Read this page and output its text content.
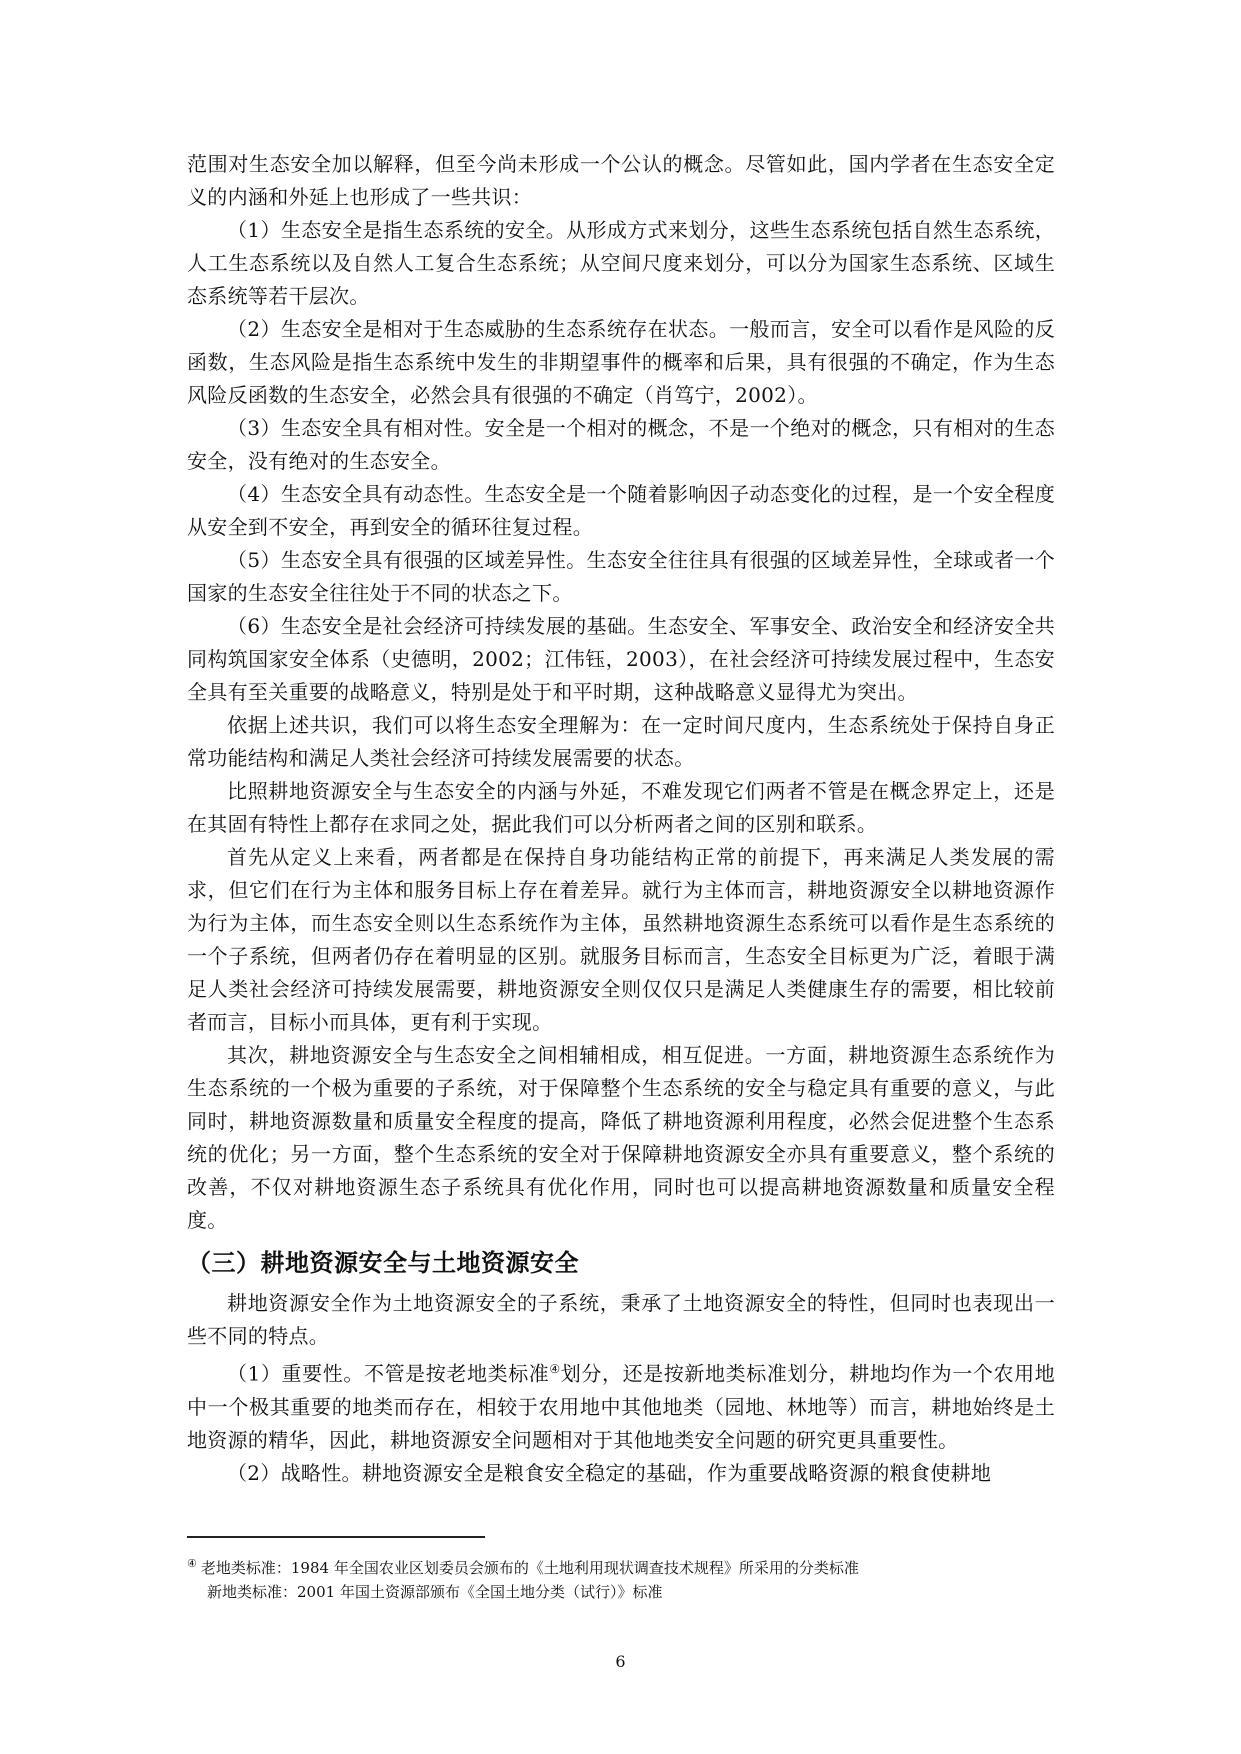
范围对生态安全加以解释，但至今尚未形成一个公认的概念。尽管如此，国内学者在生态安全定义的内涵和外延上也形成了一些共识：

（1）生态安全是指生态系统的安全。从形成方式来划分，这些生态系统包括自然生态系统，人工生态系统以及自然人工复合生态系统；从空间尺度来划分，可以分为国家生态系统、区域生态系统等若干层次。

（2）生态安全是相对于生态威胁的生态系统存在状态。一般而言，安全可以看作是风险的反函数，生态风险是指生态系统中发生的非期望事件的概率和后果，具有很强的不确定，作为生态风险反函数的生态安全，必然会具有很强的不确定（肖笃宁，2002）。

（3）生态安全具有相对性。安全是一个相对的概念，不是一个绝对的概念，只有相对的生态安全，没有绝对的生态安全。

（4）生态安全具有动态性。生态安全是一个随着影响因子动态变化的过程，是一个安全程度从安全到不安全，再到安全的循环往复过程。

（5）生态安全具有很强的区域差异性。生态安全往往具有很强的区域差异性，全球或者一个国家的生态安全往往处于不同的状态之下。

（6）生态安全是社会经济可持续发展的基础。生态安全、军事安全、政治安全和经济安全共同构筑国家安全体系（史德明，2002；江伟钰，2003），在社会经济可持续发展过程中，生态安全具有至关重要的战略意义，特别是处于和平时期，这种战略意义显得尤为突出。

依据上述共识，我们可以将生态安全理解为：在一定时间尺度内，生态系统处于保持自身正常功能结构和满足人类社会经济可持续发展需要的状态。

比照耕地资源安全与生态安全的内涵与外延，不难发现它们两者不管是在概念界定上，还是在其固有特性上都存在求同之处，据此我们可以分析两者之间的区别和联系。

首先从定义上来看，两者都是在保持自身功能结构正常的前提下，再来满足人类发展的需求，但它们在行为主体和服务目标上存在着差异。就行为主体而言，耕地资源安全以耕地资源作为行为主体，而生态安全则以生态系统作为主体，虽然耕地资源生态系统可以看作是生态系统的一个子系统，但两者仍存在着明显的区别。就服务目标而言，生态安全目标更为广泛，着眼于满足人类社会经济可持续发展需要，耕地资源安全则仅仅只是满足人类健康生存的需要，相比较前者而言，目标小而具体，更有利于实现。

其次，耕地资源安全与生态安全之间相辅相成，相互促进。一方面，耕地资源生态系统作为生态系统的一个极为重要的子系统，对于保障整个生态系统的安全与稳定具有重要的意义，与此同时，耕地资源数量和质量安全程度的提高，降低了耕地资源利用程度，必然会促进整个生态系统的优化；另一方面，整个生态系统的安全对于保障耕地资源安全亦具有重要意义，整个系统的改善，不仅对耕地资源生态子系统具有优化作用，同时也可以提高耕地资源数量和质量安全程度。

（三）耕地资源安全与土地资源安全

耕地资源安全作为土地资源安全的子系统，秉承了土地资源安全的特性，但同时也表现出一些不同的特点。

（1）重要性。不管是按老地类标准④划分，还是按新地类标准划分，耕地均作为一个农用地中一个极其重要的地类而存在，相较于农用地中其他地类（园地、林地等）而言，耕地始终是土地资源的精华，因此，耕地资源安全问题相对于其他地类安全问题的研究更具重要性。

（2）战略性。耕地资源安全是粮食安全稳定的基础，作为重要战略资源的粮食使耕地

④ 老地类标准：1984 年全国农业区划委员会颁布的《土地利用现状调查技术规程》所采用的分类标准

新地类标准：2001 年国土资源部颁布《全国土地分类（试行）》标准

6
